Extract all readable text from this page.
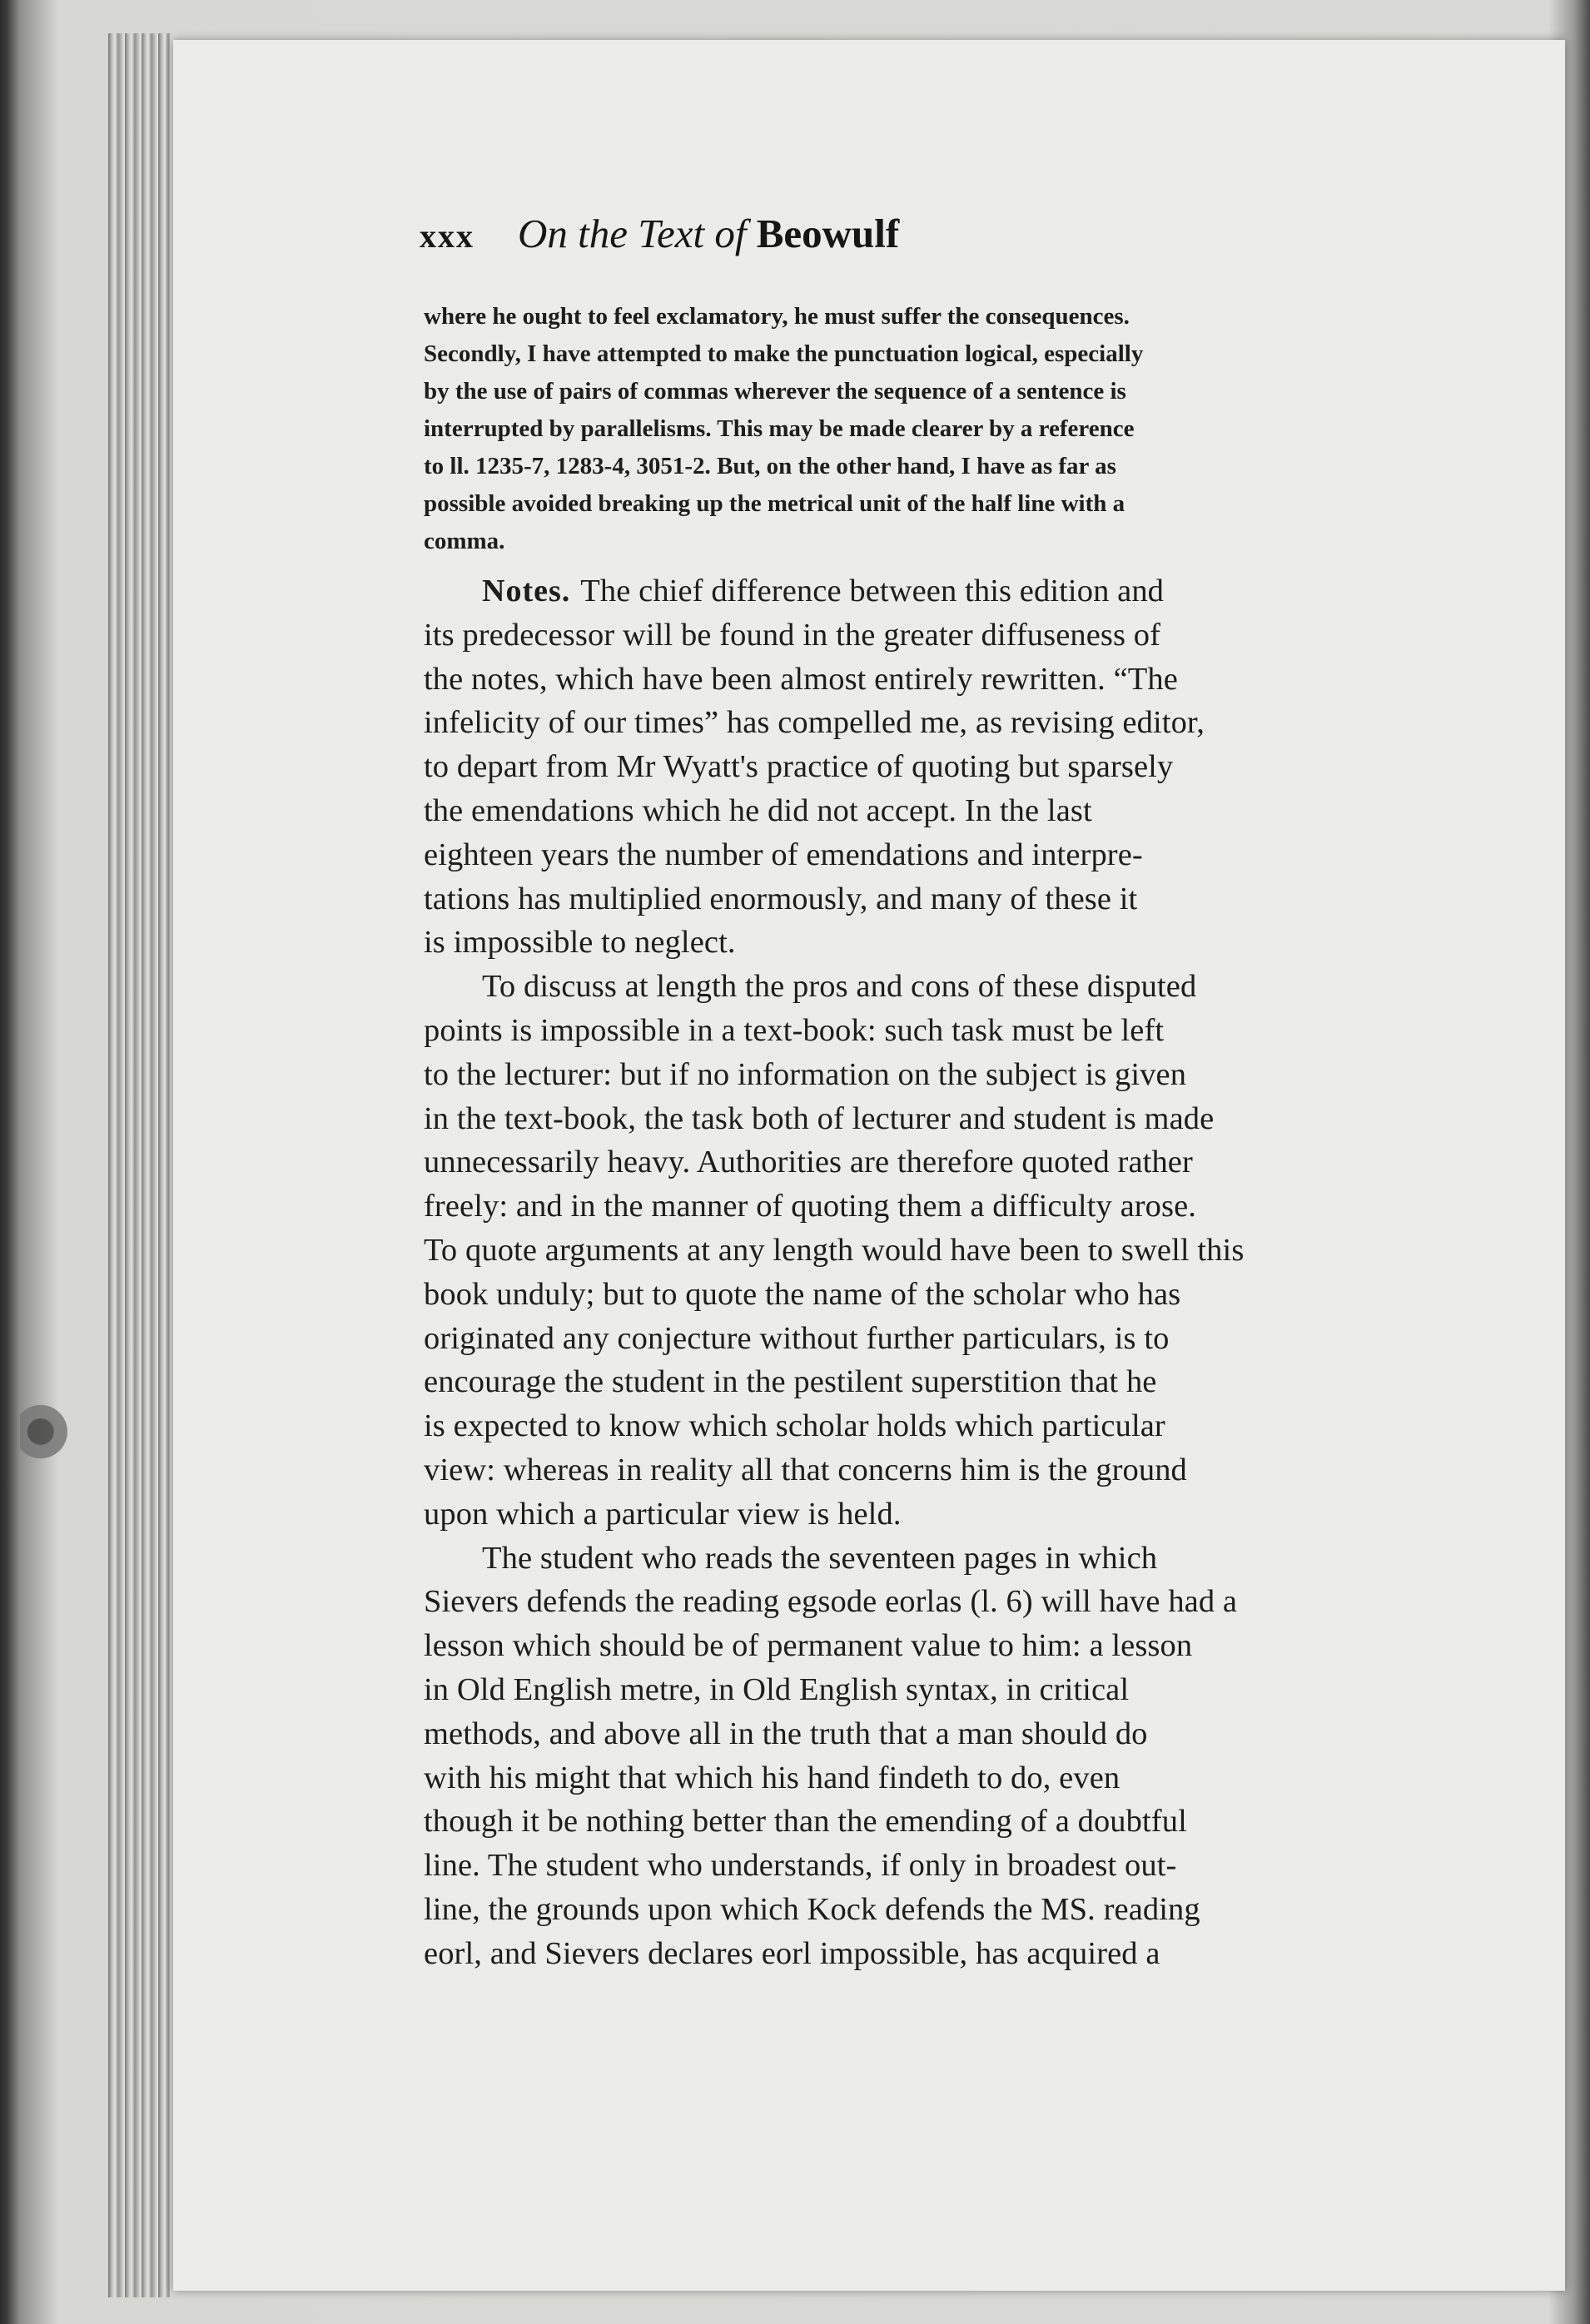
xxx	On the Text of Beowulf
where he ought to feel exclamatory, he must suffer the consequences.
Secondly, I have attempted to make the punctuation logical, especially
by the use of pairs of commas wherever the sequence of a sentence is
interrupted by parallelisms. This may be made clearer by a reference
to ll. 1235-7, 1283-4, 3051-2. But, on the other hand, I have as far as
possible avoided breaking up the metrical unit of the half line with a
comma.
Notes. The chief difference between this edition and
its predecessor will be found in the greater diffuseness of
the notes, which have been almost entirely rewritten. “The
infelicity of our times” has compelled me, as revising editor,
to depart from Mr Wyatt's practice of quoting but sparsely
the emendations which he did not accept. In the last
eighteen years the number of emendations and interpre-
tations has multiplied enormously, and many of these it
is impossible to neglect.
To discuss at length the pros and cons of these disputed
points is impossible in a text-book: such task must be left
to the lecturer: but if no information on the subject is given
in the text-book, the task both of lecturer and student is made
unnecessarily heavy. Authorities are therefore quoted rather
freely: and in the manner of quoting them a difficulty arose.
To quote arguments at any length would have been to swell this
book unduly; but to quote the name of the scholar who has
originated any conjecture without further particulars, is to
encourage the student in the pestilent superstition that he
is expected to know which scholar holds which particular
view: whereas in reality all that concerns him is the ground
upon which a particular view is held.
The student who reads the seventeen pages in which
Sievers defends the reading egsode eorlas (l. 6) will have had a
lesson which should be of permanent value to him: a lesson
in Old English metre, in Old English syntax, in critical
methods, and above all in the truth that a man should do
with his might that which his hand findeth to do, even
though it be nothing better than the emending of a doubtful
line. The student who understands, if only in broadest out-
line, the grounds upon which Kock defends the MS. reading
eorl, and Sievers declares eorl impossible, has acquired a
